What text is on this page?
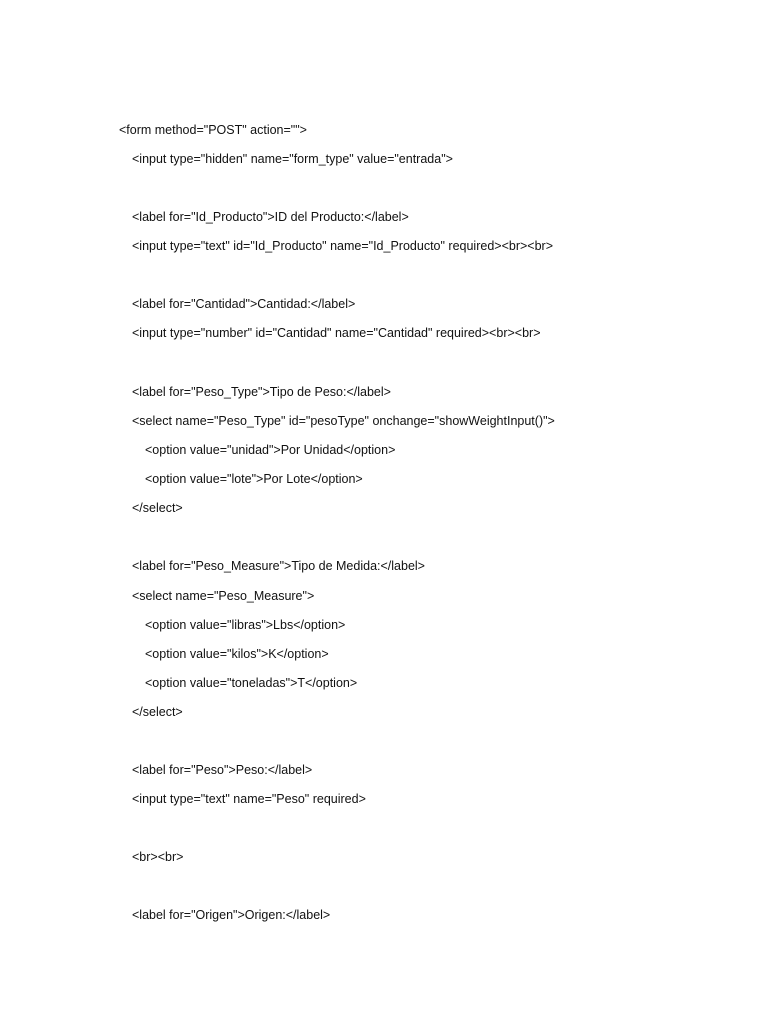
<form method="POST" action="">
<input type="hidden" name="form_type" value="entrada">
<label for="Id_Producto">ID del Producto:</label>
<input type="text" id="Id_Producto" name="Id_Producto" required><br><br>
<label for="Cantidad">Cantidad:</label>
<input type="number" id="Cantidad" name="Cantidad" required><br><br>
<label for="Peso_Type">Tipo de Peso:</label>
<select name="Peso_Type" id="pesoType" onchange="showWeightInput()">
<option value="unidad">Por Unidad</option>
<option value="lote">Por Lote</option>
</select>
<label for="Peso_Measure">Tipo de Medida:</label>
<select name="Peso_Measure">
<option value="libras">Lbs</option>
<option value="kilos">K</option>
<option value="toneladas">T</option>
</select>
<label for="Peso">Peso:</label>
<input type="text" name="Peso" required>
<br><br>
<label for="Origen">Origen:</label>
